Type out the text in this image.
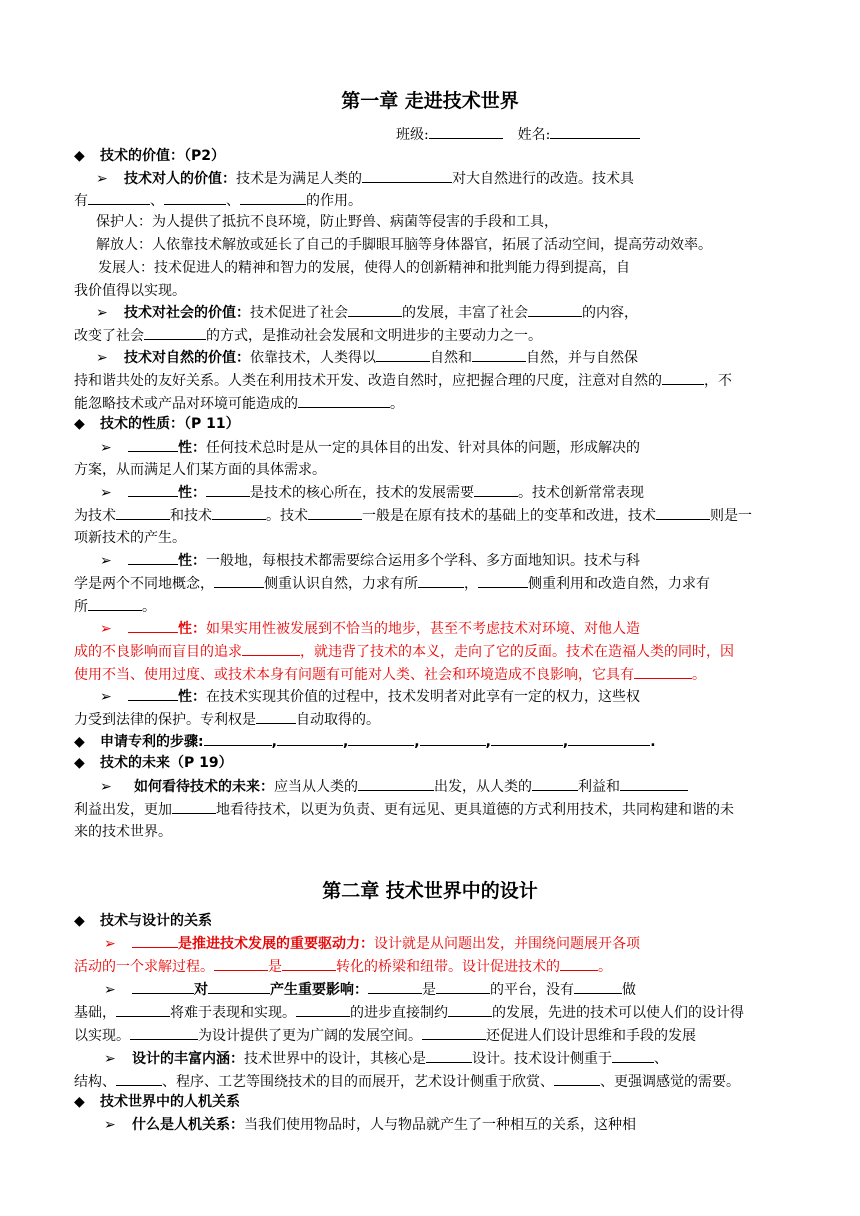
第一章 走进技术世界
班级:	姓名:
◆ 技术的价值：（P2）
➢ 技术对人的价值：技术是为满足人类的	对大自然进行的改造。技术具
有	、	、	的作用。
保护人：为人提供了抵抗不良环境，防止野兽、病菌等侵害的手段和工具，
解放人：人依靠技术解放或延长了自己的手脚眼耳脑等身体器官，拓展了活动空间，提高劳动效率。
发展人：技术促进人的精神和智力的发展，使得人的创新精神和批判能力得到提高，自
我价值得以实现。
➢ 技术对社会的价值：技术促进了社会	的发展，丰富了社会	的内容，
改变了社会	的方式，是推动社会发展和文明进步的主要动力之一。
➢ 技术对自然的价值：依靠技术，人类得以	自然和	自然，并与自然保
持和谐共处的友好关系。人类在利用技术开发、改造自然时，应把握合理的尺度，注意对自然的	，不
能忽略技术或产品对环境可能造成的	。
◆ 技术的性质：（P 11）
➢	性：任何技术总时是从一定的具体目的出发、针对具体的问题，形成解决的
方案，从而满足人们某方面的具体需求。
➢	性：	是技术的核心所在，技术的发展需要	。技术创新常常表现
为技术	和技术	。技术	一般是在原有技术的基础上的变革和改进，技术	则是一
项新技术的产生。
➢	性：一般地，每根技术都需要综合运用多个学科、多方面地知识。技术与科
学是两个不同地概念，	侧重认识自然，力求有所	，	侧重利用和改造自然，力求有
所	。
➢	性：如果实用性被发展到不恰当的地步，甚至不考虑技术对环境、对他人造
成的不良影响而盲目的追求	，就违背了技术的本义，走向了它的反面。技术在造福人类的同时，因
使用不当、使用过度、或技术本身有问题有可能对人类、社会和环境造成不良影响，它具有	。
➢	性：在技术实现其价值的过程中，技术发明者对此享有一定的权力，这些权
力受到法律的保护。专利权是	自动取得的。
◆ 申请专利的步骤:	,	,	,	,	,	.
◆ 技术的未来（P 19）
➢ 如何看待技术的未来：应当从人类的	出发，从人类的	利益和
利益出发，更加	地看待技术，以更为负责、更有远见、更具道德的方式利用技术，共同构建和谐的未
来的技术世界。
第二章 技术世界中的设计
◆ 技术与设计的关系
➢	是推进技术发展的重要驱动力：设计就是从问题出发，并围绕问题展开各项
活动的一个求解过程。	是	转化的桥梁和纽带。设计促进技术的	。
➢	对	产生重要影响：	是	的平台，没有	做
基础，	将难于表现和实现。	的进步直接制约	的发展，先进的技术可以使人们的设计得
以实现。	为设计提供了更为广阔的发展空间。	还促进人们设计思维和手段的发展
➢ 设计的丰富内涵：技术世界中的设计，其核心是	设计。技术设计侧重于	、
结构、	、程序、工艺等围绕技术的目的而展开，艺术设计侧重于欣赏、	、更强调感觉的需要。
◆ 技术世界中的人机关系
➢ 什么是人机关系：当我们使用物品时，人与物品就产生了一种相互的关系，这种相
